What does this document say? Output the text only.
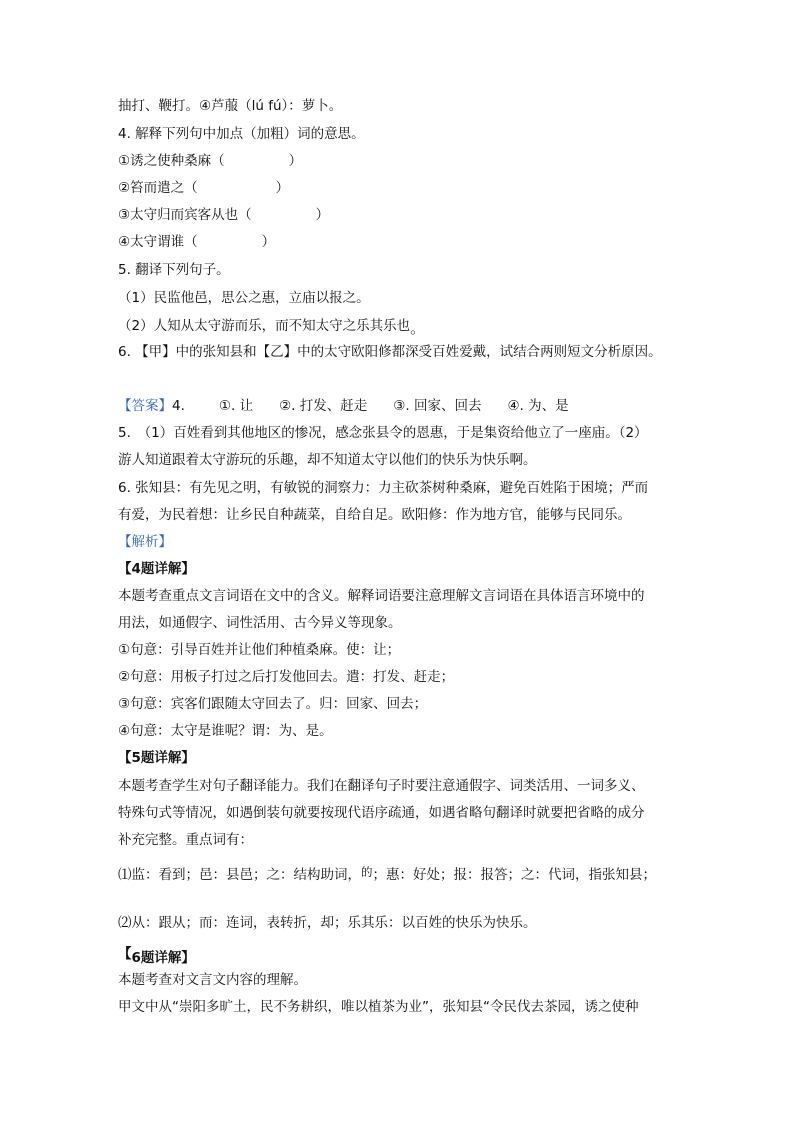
抽打、鞭打。④芦菔（lú fú）：萝卜。

4. 解释下列句中加点（加粗）词的意思。

①诱之使种桑麻（	）

②笞而遣之（	）

③太守归而宾客从也（	）

④太守谓谁（	）

5. 翻译下列句子。

（1）民监他邑，思公之惠，立庙以报之。

（2）人知从太守游而乐，而不知太守之乐其乐也。

6. 【甲】中的张知县和【乙】中的太守欧阳修都深受百姓爱戴，试结合两则短文分析原因。

【答案】4.	①. 让 ②. 打发、赶走 ③. 回家、回去 ④. 为、是

5.　（1）百姓看到其他地区的惨况，感念张县令的恩惠，于是集资给他立了一座庙。（2）

游人知道跟着太守游玩的乐趣，却不知道太守以他们的快乐为快乐啊。

6. 张知县：有先见之明，有敏锐的洞察力：力主砍茶树种桑麻，避免百姓陷于困境；严而

有爱，为民着想：让乡民自种蔬菜，自给自足。欧阳修：作为地方官，能够与民同乐。

【解析】

【4题详解】

本题考查重点文言词语在文中的含义。解释词语要注意理解文言词语在具体语言环境中的

用法，如通假字、词性活用、古今异义等现象。

①句意：引导百姓并让他们种植桑麻。使：让；

②句意：用板子打过之后打发他回去。遣：打发、赶走；

③句意：宾客们跟随太守回去了。归：回家、回去；

④句意：太守是谁呢？谓：为、是。

【5题详解】

本题考查学生对句子翻译能力。我们在翻译句子时要注意通假字、词类活用、一词多义、

特殊句式等情况，如遇倒装句就要按现代语序疏通，如遇省略句翻译时就要把省略的成分

补充完整。重点词有：

⑴监：看到；邑：县邑；之：结构助词，的；惠：好处；报：报答；之：代词，指张知县；

⑵从：跟从；而：连词，表转折，却；乐其乐：以百姓的快乐为快乐。

【6题详解】

本题考查对文言文内容的理解。

甲文中从“崇阳多旷土，民不务耕织，唯以植茶为业”，张知县“令民伐去茶园，诱之使种
